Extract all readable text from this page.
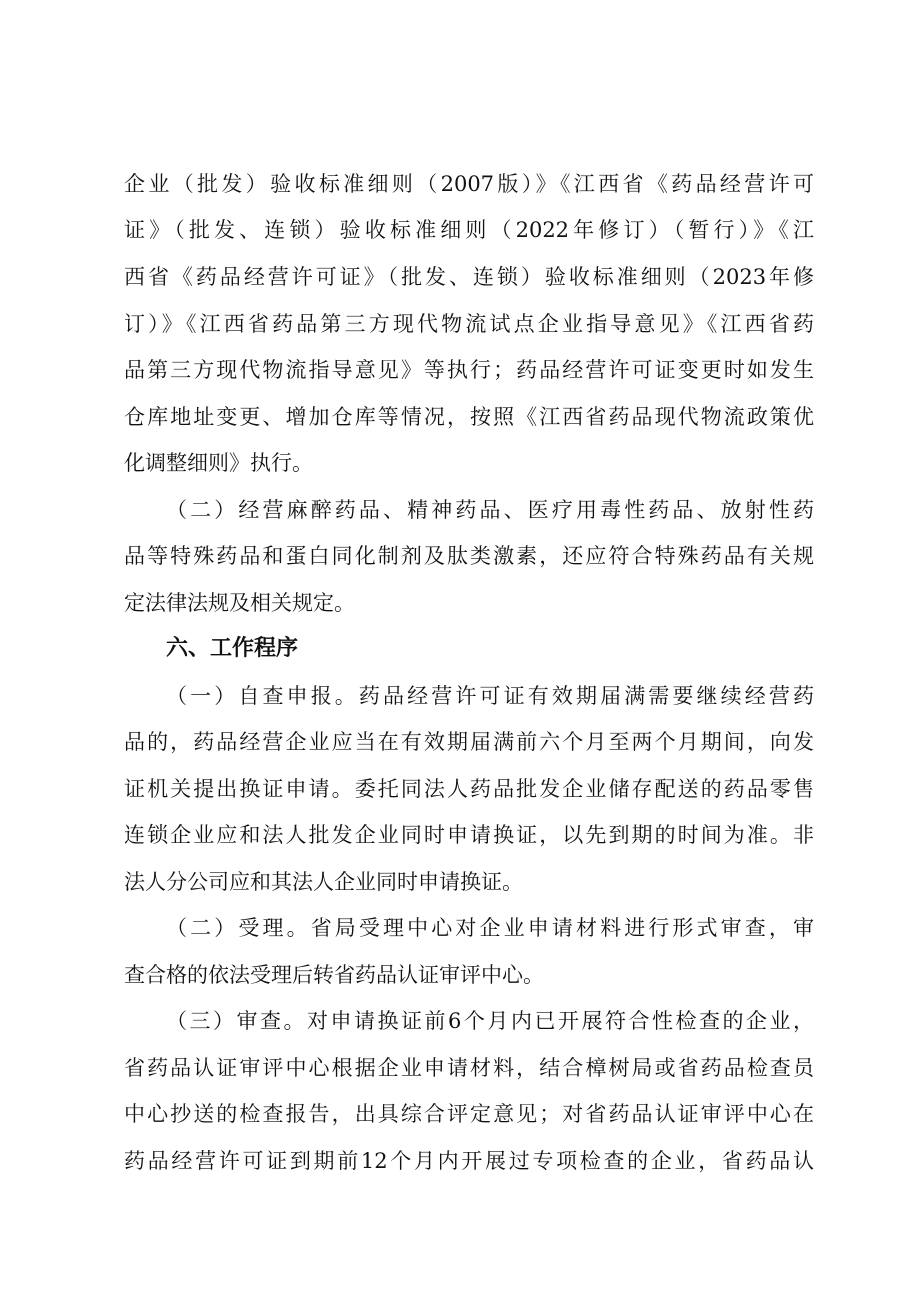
企业（批发）验收标准细则（2007版）》《江西省《药品经营许可
证》（批发、连锁）验收标准细则（2022年修订）（暂行）》《江
西省《药品经营许可证》（批发、连锁）验收标准细则（2023年修
订）》《江西省药品第三方现代物流试点企业指导意见》《江西省药
品第三方现代物流指导意见》等执行；药品经营许可证变更时如发生
仓库地址变更、增加仓库等情况，按照《江西省药品现代物流政策优
化调整细则》执行。
（二）经营麻醉药品、精神药品、医疗用毒性药品、放射性药
品等特殊药品和蛋白同化制剂及肽类激素，还应符合特殊药品有关规
定法律法规及相关规定。
六、工作程序
（一）自查申报。药品经营许可证有效期届满需要继续经营药
品的，药品经营企业应当在有效期届满前六个月至两个月期间，向发
证机关提出换证申请。委托同法人药品批发企业储存配送的药品零售
连锁企业应和法人批发企业同时申请换证，以先到期的时间为准。非
法人分公司应和其法人企业同时申请换证。
（二）受理。省局受理中心对企业申请材料进行形式审查，审
查合格的依法受理后转省药品认证审评中心。
（三）审查。对申请换证前6个月内已开展符合性检查的企业，
省药品认证审评中心根据企业申请材料，结合樟树局或省药品检查员
中心抄送的检查报告，出具综合评定意见；对省药品认证审评中心在
药品经营许可证到期前12个月内开展过专项检查的企业，省药品认
